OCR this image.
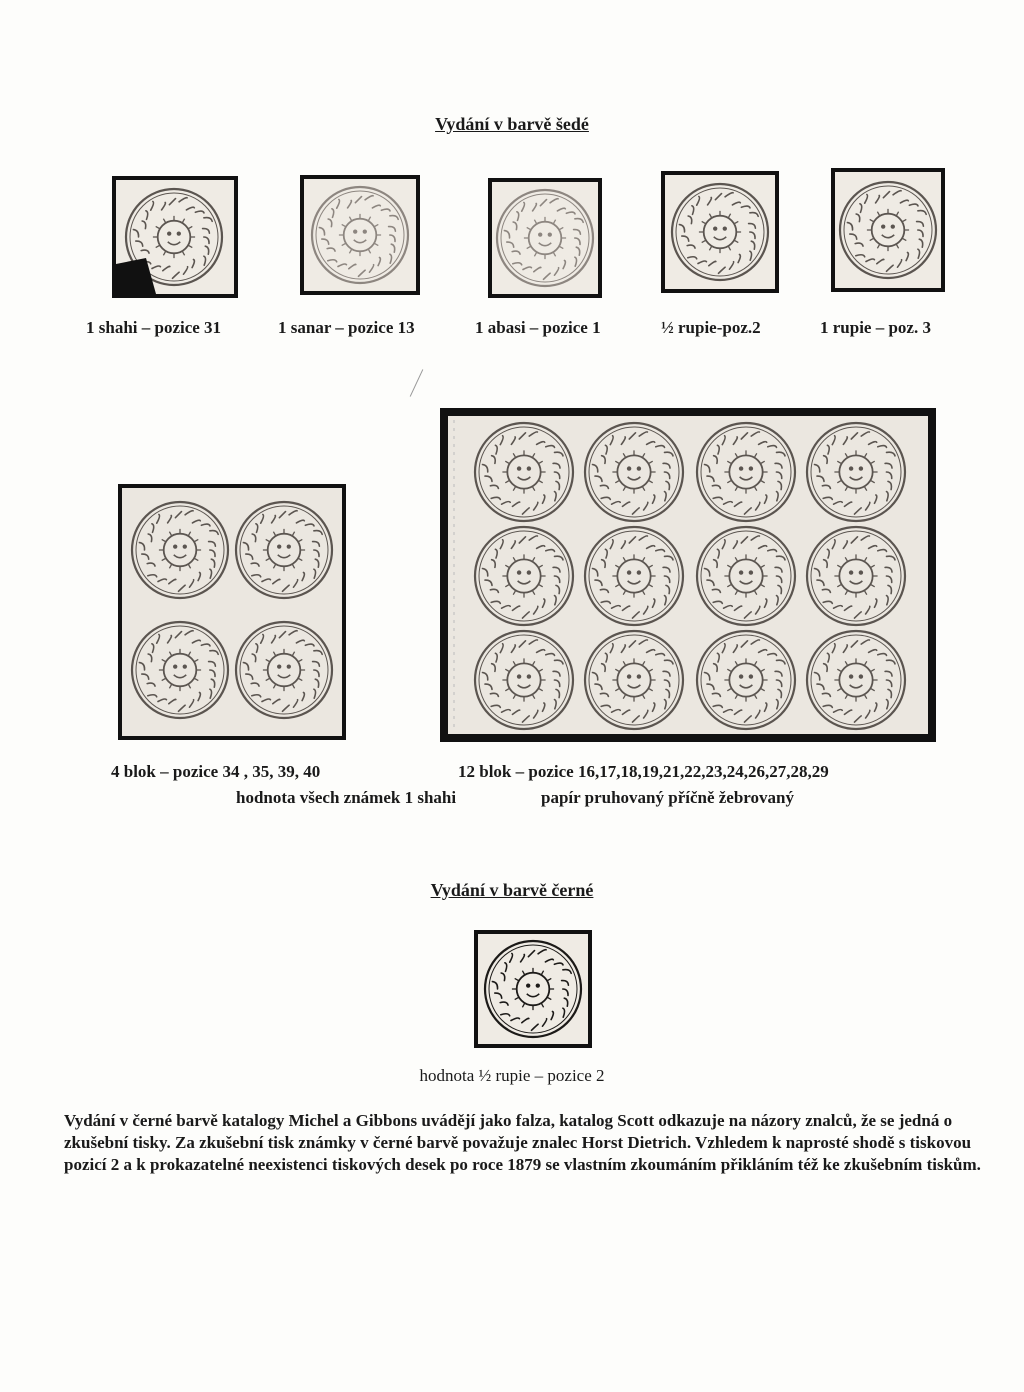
Vydání v barvě šedé
1 shahi – pozice 31	1 sanar – pozice 13	1 abasi – pozice 1	½ rupie-poz.2	1 rupie – poz. 3
4 blok – pozice 34 , 35, 39, 40	12 blok – pozice 16,17,18,19,21,22,23,24,26,27,28,29
hodnota všech známek 1 shahi	papír pruhovaný příčně žebrovaný
Vydání v barvě černé
hodnota ½ rupie – pozice 2
Vydání v černé barvě katalogy Michel a Gibbons uvádějí jako falza, katalog Scott odkazuje na názory znalců, že se jedná o zkušební tisky. Za zkušební tisk známky v černé barvě považuje znalec Horst Dietrich. Vzhledem k naprosté shodě s tiskovou pozicí 2 a k prokazatelné neexistenci tiskových desek po roce 1879 se vlastním zkoumáním přikláním též ke zkušebním tiskům.
